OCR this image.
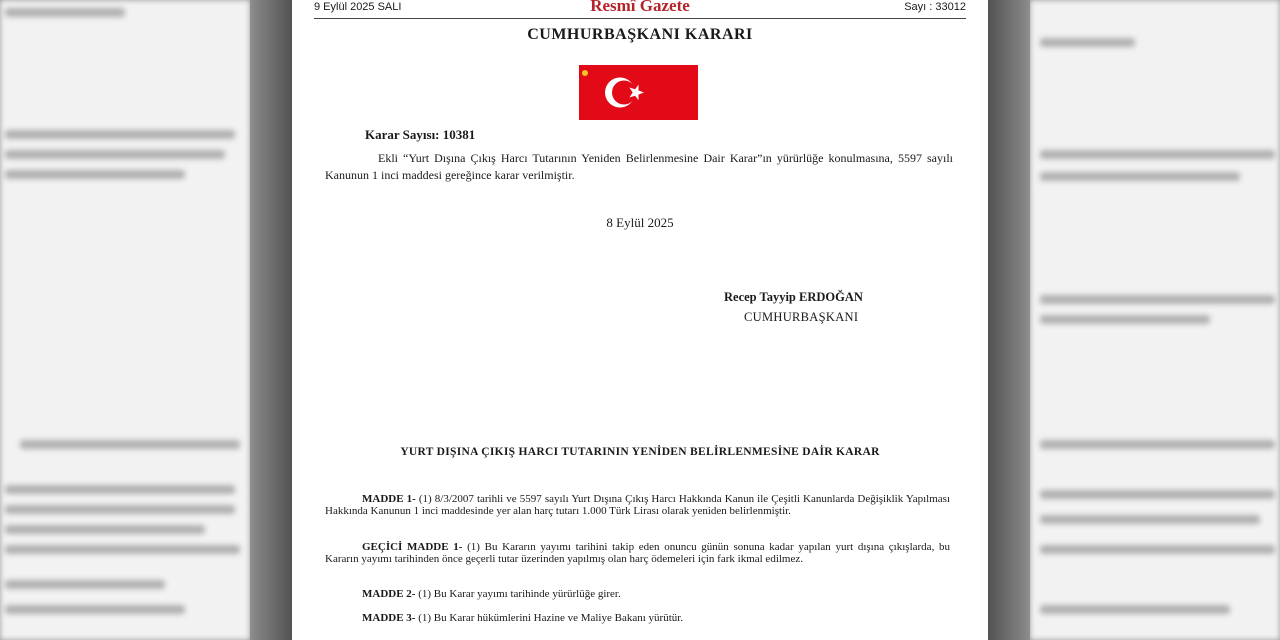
9 Eylül 2025 SALI	Resmî Gazete	Sayı : 33012
CUMHURBAŞKANI KARARI
Karar Sayısı: 10381
Ekli “Yurt Dışına Çıkış Harcı Tutarının Yeniden Belirlenmesine Dair Karar”ın yürürlüğe konulmasına, 5597 sayılı Kanunun 1 inci maddesi gereğince karar verilmiştir.
8 Eylül 2025
Recep Tayyip ERDOĞAN
CUMHURBAŞKANI
YURT DIŞINA ÇIKIŞ HARCI TUTARININ YENİDEN BELİRLENMESİNE DAİR KARAR
MADDE 1- (1) 8/3/2007 tarihli ve 5597 sayılı Yurt Dışına Çıkış Harcı Hakkında Kanun ile Çeşitli Kanunlarda Değişiklik Yapılması Hakkında Kanunun 1 inci maddesinde yer alan harç tutarı 1.000 Türk Lirası olarak yeniden belirlenmiştir.
GEÇİCİ MADDE 1- (1) Bu Kararın yayımı tarihini takip eden onuncu günün sonuna kadar yapılan yurt dışına çıkışlarda, bu Kararın yayımı tarihinden önce geçerli tutar üzerinden yapılmış olan harç ödemeleri için fark ikmal edilmez.
MADDE 2- (1) Bu Karar yayımı tarihinde yürürlüğe girer.
MADDE 3- (1) Bu Karar hükümlerini Hazine ve Maliye Bakanı yürütür.
